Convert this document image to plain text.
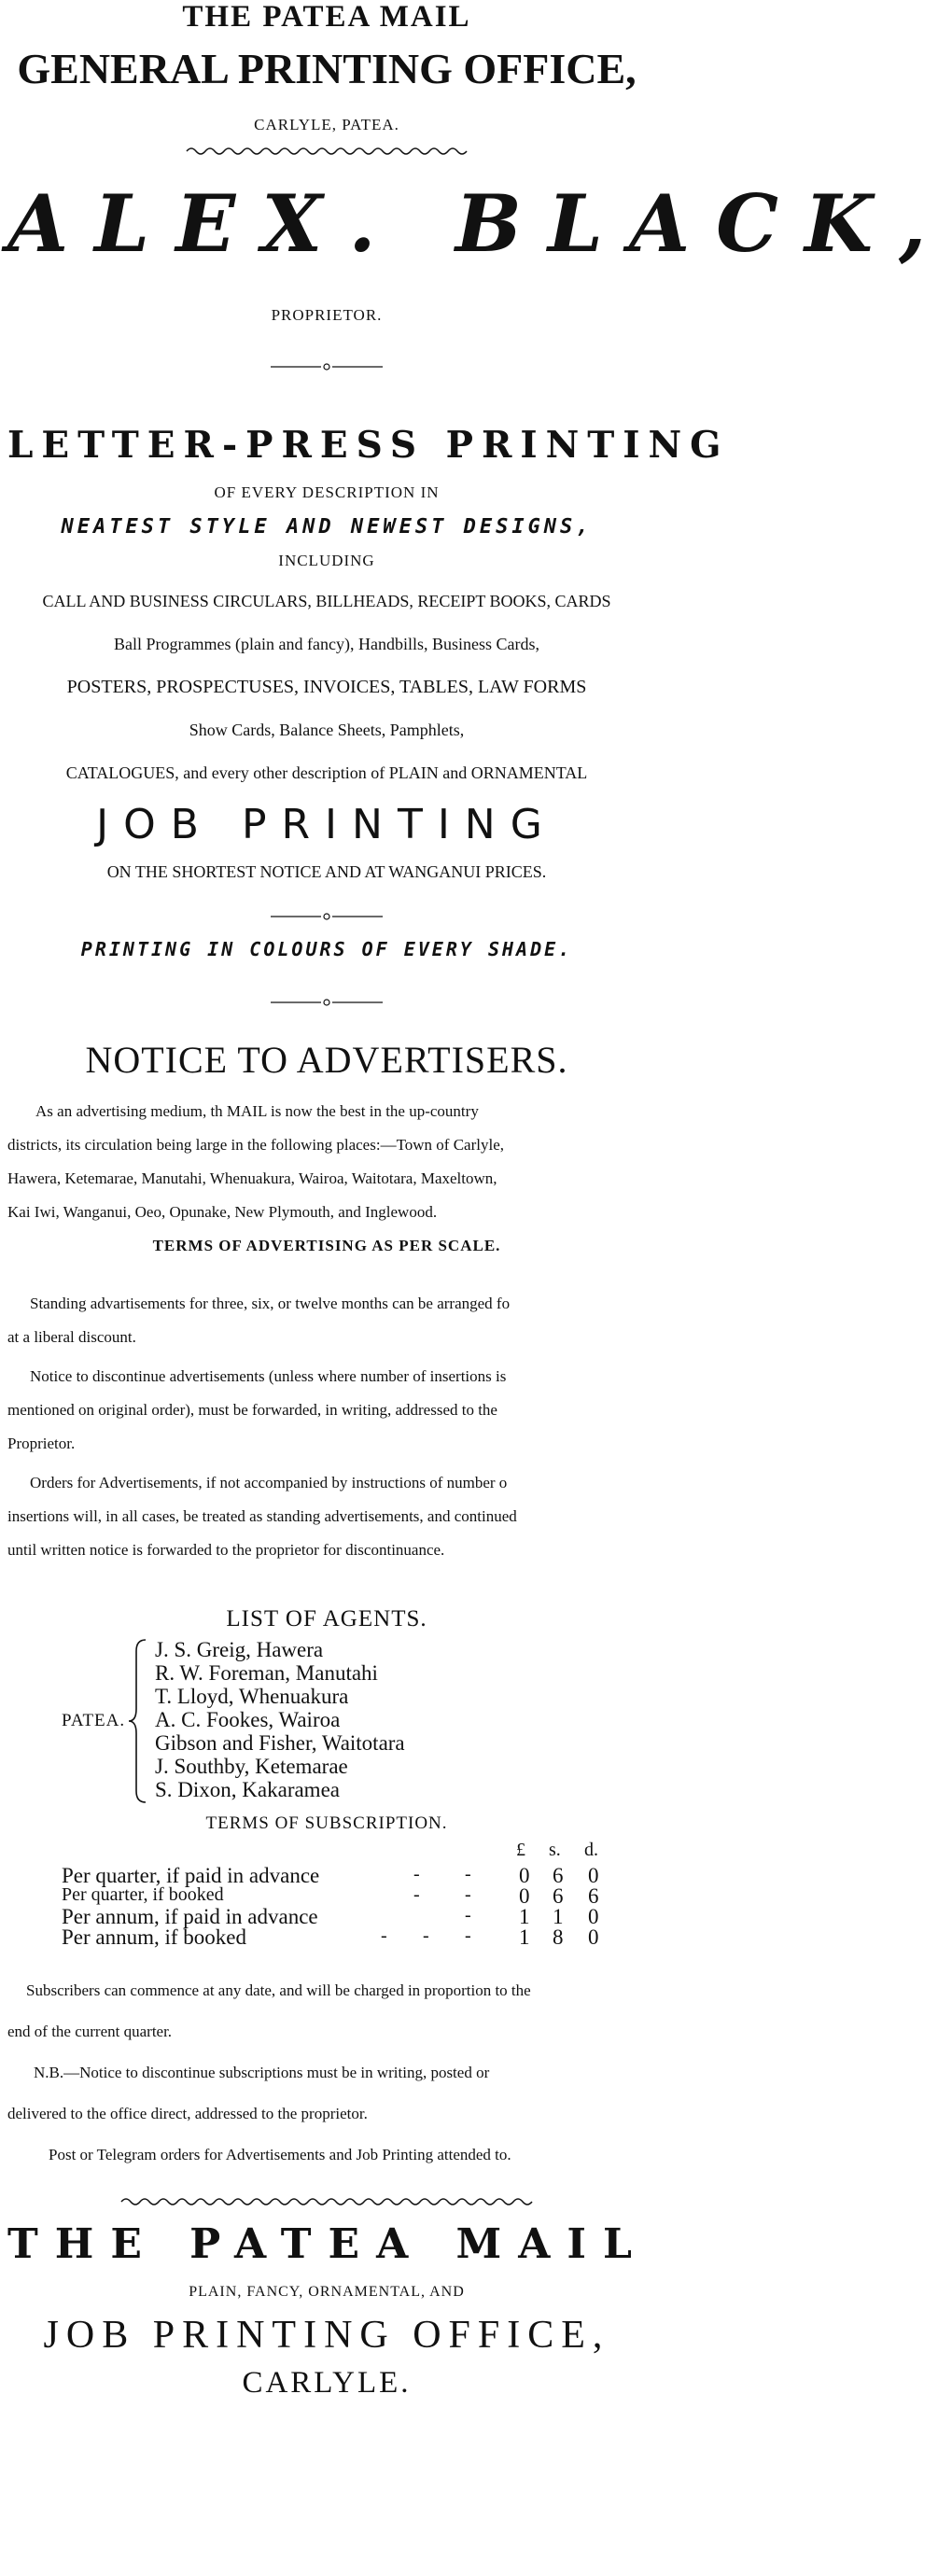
THE PATEA MAIL
GENERAL PRINTING OFFICE,
CARLYLE, PATEA.
ALEX. BLACK,
PROPRIETOR.
LETTER-PRESS PRINTING
OF EVERY DESCRIPTION IN
NEATEST STYLE AND NEWEST DESIGNS,
INCLUDING
CALL AND BUSINESS CIRCULARS, BILLHEADS, RECEIPT BOOKS, CARDS
Ball Programmes (plain and fancy), Handbills, Business Cards,
POSTERS, PROSPECTUSES, INVOICES, TABLES, LAW FORMS
Show Cards, Balance Sheets, Pamphlets,
CATALOGUES, and every other description of PLAIN and ORNAMENTAL
JOB PRINTING
ON THE SHORTEST NOTICE AND AT WANGANUI PRICES.
PRINTING IN COLOURS OF EVERY SHADE.
NOTICE TO ADVERTISERS.
As an advertising medium, th MAIL is now the best in the up-country
districts, its circulation being large in the following places:—Town of Carlyle,
Hawera, Ketemarae, Manutahi, Whenuakura, Wairoa, Waitotara, Maxeltown,
Kai Iwi, Wanganui, Oeo, Opunake, New Plymouth, and Inglewood.
TERMS OF ADVERTISING AS PER SCALE.
Standing advartisements for three, six, or twelve months can be arranged fo
at a liberal discount.
Notice to discontinue advertisements (unless where number of insertions is
mentioned on original order), must be forwarded, in writing, addressed to the
Proprietor.
Orders for Advertisements, if not accompanied by instructions of number o
insertions will, in all cases, be treated as standing advertisements, and continued
until written notice is forwarded to the proprietor for discontinuance.
LIST OF AGENTS.
PATEA.
J. S. Greig, Hawera
R. W. Foreman, Manutahi
T. Lloyd, Whenuakura
A. C. Fookes, Wairoa
Gibson and Fisher, Waitotara
J. Southby, Ketemarae
S. Dixon, Kakaramea
TERMS OF SUBSCRIPTION.
£ s. d.
Per quarter, if paid in advance	- - 0 6 0
Per quarter, if booked	- - 0 6 6
Per annum, if paid in advance	- 1 1 0
Per annum, if booked	- - - 1 8 0
Subscribers can commence at any date, and will be charged in proportion to the
end of the current quarter.
N.B.—Notice to discontinue subscriptions must be in writing, posted or
delivered to the office direct, addressed to the proprietor.
Post or Telegram orders for Advertisements and Job Printing attended to.
THE PATEA MAIL
PLAIN, FANCY, ORNAMENTAL, AND
JOB PRINTING OFFICE,
CARLYLE.
